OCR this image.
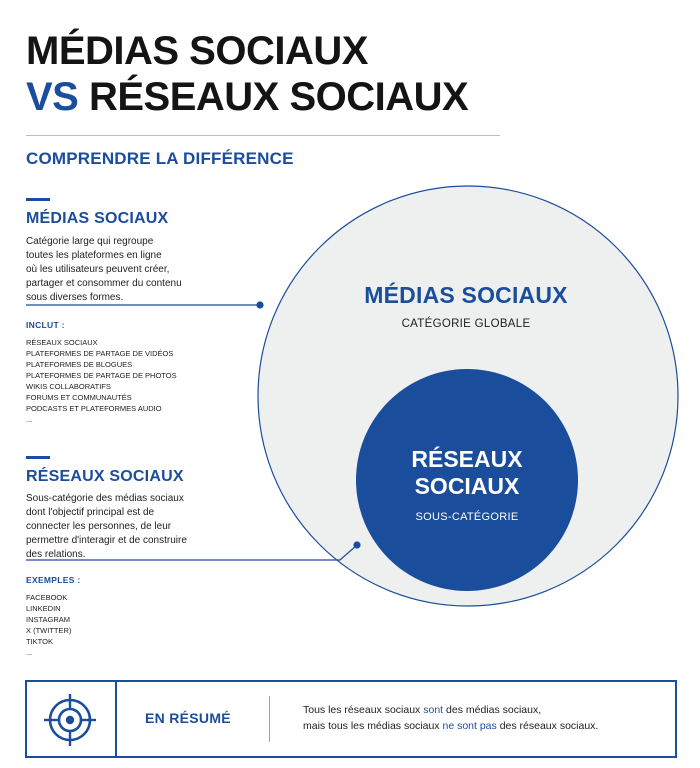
MÉDIAS SOCIAUX
VS RÉSEAUX SOCIAUX
COMPRENDRE LA DIFFÉRENCE
MÉDIAS SOCIAUX
Catégorie large qui regroupe
toutes les plateformes en ligne
où les utilisateurs peuvent créer,
partager et consommer du contenu
sous diverses formes.
INCLUT :
RÉSEAUX SOCIAUX
PLATEFORMES DE PARTAGE DE VIDÉOS
PLATEFORMES DE BLOGUES
PLATEFORMES DE PARTAGE DE PHOTOS
WIKIS COLLABORATIFS
FORUMS ET COMMUNAUTÉS
PODCASTS ET PLATEFORMES AUDIO
...
RÉSEAUX SOCIAUX
Sous-catégorie des médias sociaux
dont l'objectif principal est de
connecter les personnes, de leur
permettre d'interagir et de construire
des relations.
EXEMPLES :
FACEBOOK
LINKEDIN
INSTAGRAM
X (TWITTER)
TIKTOK
...
MÉDIAS SOCIAUX
CATÉGORIE GLOBALE
RÉSEAUX
SOCIAUX
SOUS-CATÉGORIE
EN RÉSUMÉ	Tous les réseaux sociaux sont des médias sociaux,
mais tous les médias sociaux ne sont pas des réseaux sociaux.
